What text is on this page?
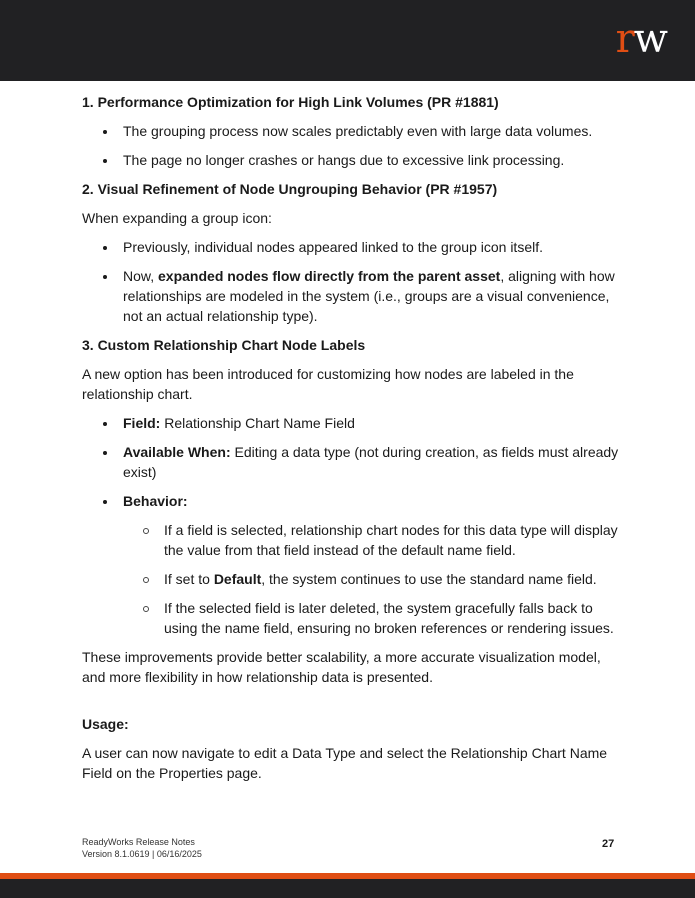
rw
1. Performance Optimization for High Link Volumes (PR #1881)
The grouping process now scales predictably even with large data volumes.
The page no longer crashes or hangs due to excessive link processing.
2. Visual Refinement of Node Ungrouping Behavior (PR #1957)
When expanding a group icon:
Previously, individual nodes appeared linked to the group icon itself.
Now, expanded nodes flow directly from the parent asset, aligning with how relationships are modeled in the system (i.e., groups are a visual convenience, not an actual relationship type).
3. Custom Relationship Chart Node Labels
A new option has been introduced for customizing how nodes are labeled in the relationship chart.
Field: Relationship Chart Name Field
Available When: Editing a data type (not during creation, as fields must already exist)
Behavior:
If a field is selected, relationship chart nodes for this data type will display the value from that field instead of the default name field.
If set to Default, the system continues to use the standard name field.
If the selected field is later deleted, the system gracefully falls back to using the name field, ensuring no broken references or rendering issues.
These improvements provide better scalability, a more accurate visualization model, and more flexibility in how relationship data is presented.
Usage:
A user can now navigate to edit a Data Type and select the Relationship Chart Name Field on the Properties page.
ReadyWorks Release Notes
Version 8.1.0619 | 06/16/2025
27
